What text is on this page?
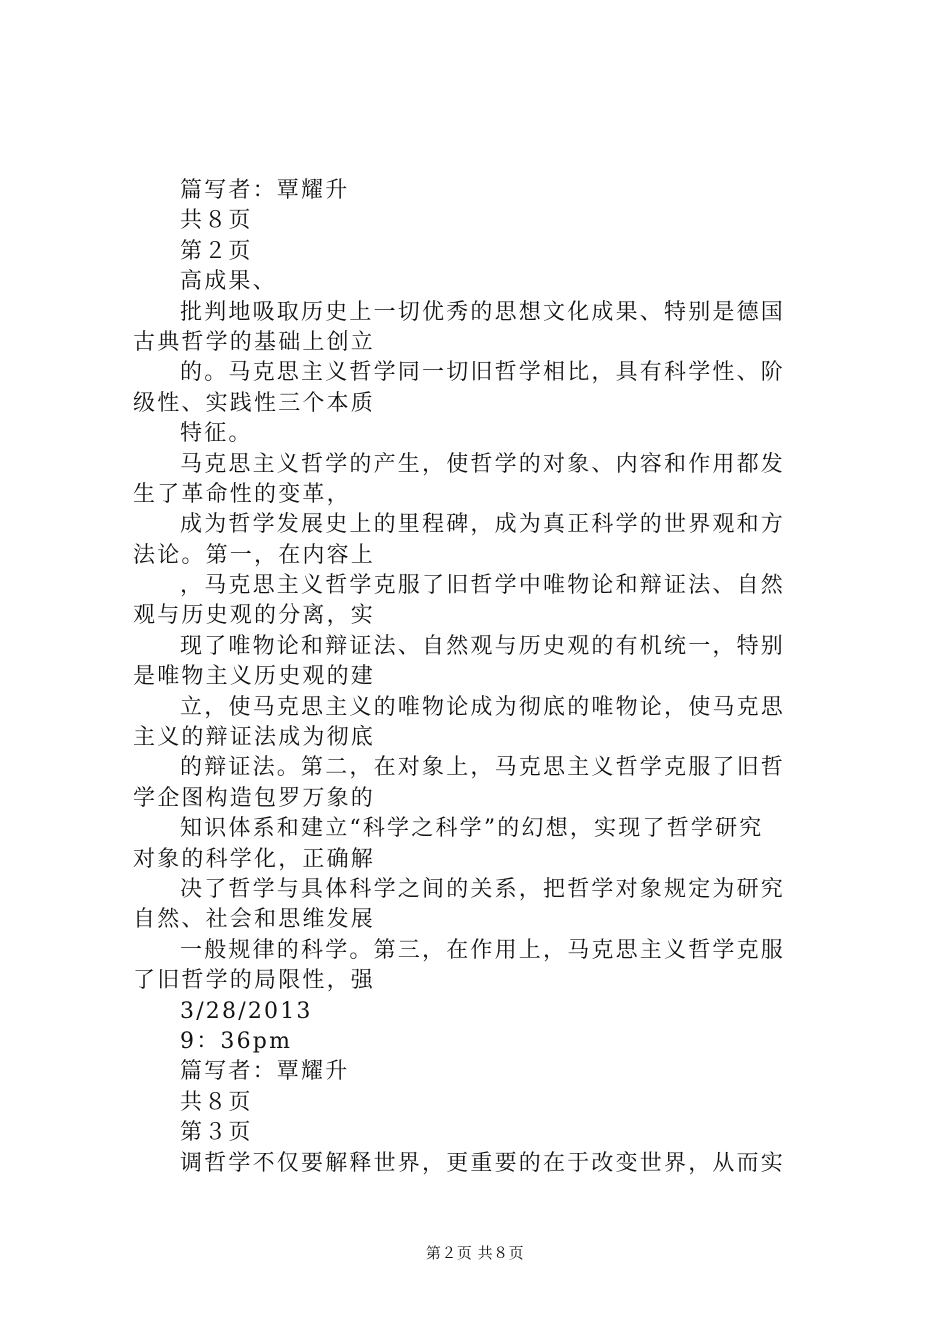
篇写者：覃耀升
共８页
第２页
高成果、
批判地吸取历史上一切优秀的思想文化成果、特别是德国
古典哲学的基础上创立
的。马克思主义哲学同一切旧哲学相比，具有科学性、阶
级性、实践性三个本质
特征。
马克思主义哲学的产生，使哲学的对象、内容和作用都发
生了革命性的变革，
成为哲学发展史上的里程碑，成为真正科学的世界观和方
法论。第一，在内容上
，马克思主义哲学克服了旧哲学中唯物论和辩证法、自然
观与历史观的分离，实
现了唯物论和辩证法、自然观与历史观的有机统一，特别
是唯物主义历史观的建
立，使马克思主义的唯物论成为彻底的唯物论，使马克思
主义的辩证法成为彻底
的辩证法。第二，在对象上，马克思主义哲学克服了旧哲
学企图构造包罗万象的
知识体系和建立“科学之科学”的幻想，实现了哲学研究
对象的科学化，正确解
决了哲学与具体科学之间的关系，把哲学对象规定为研究
自然、社会和思维发展
一般规律的科学。第三，在作用上，马克思主义哲学克服
了旧哲学的局限性，强
3/28/2013
9：36pm
篇写者：覃耀升
共８页
第３页
调哲学不仅要解释世界，更重要的在于改变世界，从而实
第２页 共８页
